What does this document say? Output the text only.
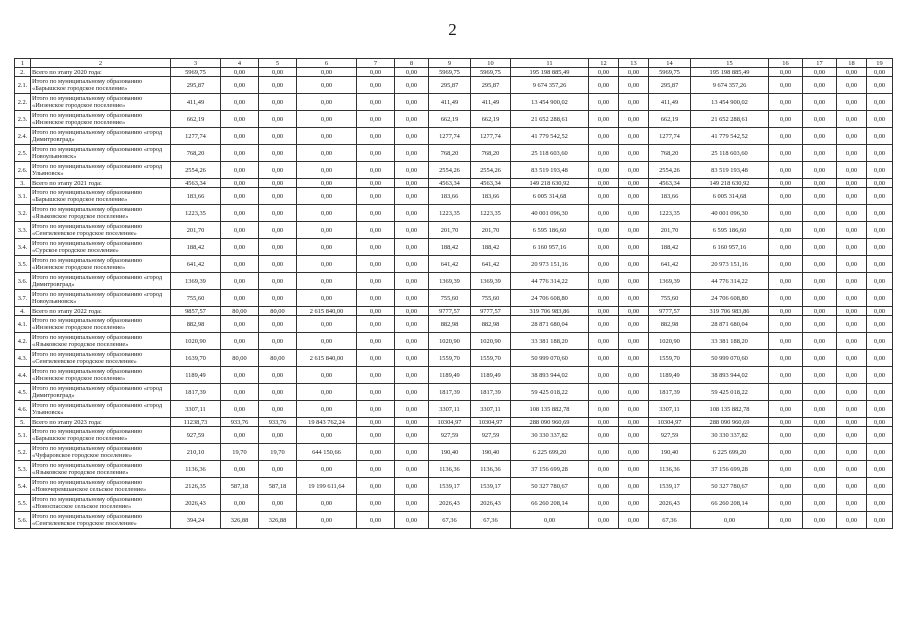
2
1	2	3	4	5	6	7	8	9	10	11	12	13	14	15	16	17	18	19
2.	Всего по этапу 2020 года:	5969,75	0,00	0,00	0,00	0,00	0,00	5969,75	5969,75	195 198 885,49	0,00	0,00	5969,75	195 198 885,49	0,00	0,00	0,00	0,00
2.1.	Итого по муниципальному образованию «Барышское городское поселение»	295,87	0,00	0,00	0,00	0,00	0,00	295,87	295,87	9 674 357,26	0,00	0,00	295,87	9 674 357,26	0,00	0,00	0,00	0,00
2.2.	Итого по муниципальному образованию «Инзенское городское поселение»	411,49	0,00	0,00	0,00	0,00	0,00	411,49	411,49	13 454 900,02	0,00	0,00	411,49	13 454 900,02	0,00	0,00	0,00	0,00
2.3.	Итого по муниципальному образованию «Инзенское городское поселение»	662,19	0,00	0,00	0,00	0,00	0,00	662,19	662,19	21 652 288,61	0,00	0,00	662,19	21 652 288,61	0,00	0,00	0,00	0,00
2.4.	Итого по муниципальному образованию «город Димитровград»	1277,74	0,00	0,00	0,00	0,00	0,00	1277,74	1277,74	41 779 542,52	0,00	0,00	1277,74	41 779 542,52	0,00	0,00	0,00	0,00
2.5.	Итого по муниципальному образованию «город Новоульяновск»	768,20	0,00	0,00	0,00	0,00	0,00	768,20	768,20	25 118 603,60	0,00	0,00	768,20	25 118 603,60	0,00	0,00	0,00	0,00
2.6.	Итого по муниципальному образованию «город Ульяновск»	2554,26	0,00	0,00	0,00	0,00	0,00	2554,26	2554,26	83 519 193,48	0,00	0,00	2554,26	83 519 193,48	0,00	0,00	0,00	0,00
3.	Всего по этапу 2021 года:	4563,34	0,00	0,00	0,00	0,00	0,00	4563,34	4563,34	149 218 630,92	0,00	0,00	4563,34	149 218 630,92	0,00	0,00	0,00	0,00
3.1.	Итого по муниципальному образованию «Барышское городское поселение»	183,66	0,00	0,00	0,00	0,00	0,00	183,66	183,66	6 005 314,68	0,00	0,00	183,66	6 005 314,68	0,00	0,00	0,00	0,00
3.2.	Итого по муниципальному образованию «Языковское городское поселение»	1223,35	0,00	0,00	0,00	0,00	0,00	1223,35	1223,35	40 001 096,30	0,00	0,00	1223,35	40 001 096,30	0,00	0,00	0,00	0,00
3.3.	Итого по муниципальному образованию «Сенгилеевское городское поселение»	201,70	0,00	0,00	0,00	0,00	0,00	201,70	201,70	6 595 186,60	0,00	0,00	201,70	6 595 186,60	0,00	0,00	0,00	0,00
3.4.	Итого по муниципальному образованию «Сурское городское поселение»	188,42	0,00	0,00	0,00	0,00	0,00	188,42	188,42	6 160 957,16	0,00	0,00	188,42	6 160 957,16	0,00	0,00	0,00	0,00
3.5.	Итого по муниципальному образованию «Инзенское городское поселение»	641,42	0,00	0,00	0,00	0,00	0,00	641,42	641,42	20 973 151,16	0,00	0,00	641,42	20 973 151,16	0,00	0,00	0,00	0,00
3.6.	Итого по муниципальному образованию «город Димитровград»	1369,39	0,00	0,00	0,00	0,00	0,00	1369,39	1369,39	44 776 314,22	0,00	0,00	1369,39	44 776 314,22	0,00	0,00	0,00	0,00
3.7.	Итого по муниципальному образованию «город Новоульяновск»	755,60	0,00	0,00	0,00	0,00	0,00	755,60	755,60	24 706 608,80	0,00	0,00	755,60	24 706 608,80	0,00	0,00	0,00	0,00
4.	Всего по этапу 2022 года:	9857,57	80,00	80,00	2 615 840,00	0,00	0,00	9777,57	9777,57	319 706 983,86	0,00	0,00	9777,57	319 706 983,86	0,00	0,00	0,00	0,00
4.1.	Итого по муниципальному образованию «Инзенское городское поселение»	882,98	0,00	0,00	0,00	0,00	0,00	882,98	882,98	28 871 680,04	0,00	0,00	882,98	28 871 680,04	0,00	0,00	0,00	0,00
4.2.	Итого по муниципальному образованию «Языковское городское поселение»	1020,90	0,00	0,00	0,00	0,00	0,00	1020,90	1020,90	33 381 188,20	0,00	0,00	1020,90	33 381 188,20	0,00	0,00	0,00	0,00
4.3.	Итого по муниципальному образованию «Сенгилеевское городское поселение»	1639,70	80,00	80,00	2 615 840,00	0,00	0,00	1559,70	1559,70	50 999 070,60	0,00	0,00	1559,70	50 999 070,60	0,00	0,00	0,00	0,00
4.4.	Итого по муниципальному образованию «Инзенское городское поселение»	1189,49	0,00	0,00	0,00	0,00	0,00	1189,49	1189,49	38 893 944,02	0,00	0,00	1189,49	38 893 944,02	0,00	0,00	0,00	0,00
4.5.	Итого по муниципальному образованию «город Димитровград»	1817,39	0,00	0,00	0,00	0,00	0,00	1817,39	1817,39	59 425 018,22	0,00	0,00	1817,39	59 425 018,22	0,00	0,00	0,00	0,00
4.6.	Итого по муниципальному образованию «город Ульяновск»	3307,11	0,00	0,00	0,00	0,00	0,00	3307,11	3307,11	108 135 882,78	0,00	0,00	3307,11	108 135 882,78	0,00	0,00	0,00	0,00
5.	Всего по этапу 2023 года:	11238,73	933,76	933,76	19 843 762,24	0,00	0,00	10304,97	10304,97	288 090 960,69	0,00	0,00	10304,97	288 090 960,69	0,00	0,00	0,00	0,00
5.1.	Итого по муниципальному образованию «Барышское городское поселение»	927,59	0,00	0,00	0,00	0,00	0,00	927,59	927,59	30 330 337,82	0,00	0,00	927,59	30 330 337,82	0,00	0,00	0,00	0,00
5.2.	Итого по муниципальному образованию «Чуфаровское городское поселение»	210,10	19,70	19,70	644 150,66	0,00	0,00	190,40	190,40	6 225 699,20	0,00	0,00	190,40	6 225 699,20	0,00	0,00	0,00	0,00
5.3.	Итого по муниципальному образованию «Языковское городское поселение»	1136,36	0,00	0,00	0,00	0,00	0,00	1136,36	1136,36	37 156 699,28	0,00	0,00	1136,36	37 156 699,28	0,00	0,00	0,00	0,00
5.4.	Итого по муниципальному образованию «Новочеремшанское сельское поселение»	2126,35	587,18	587,18	19 199 611,64	0,00	0,00	1539,17	1539,17	50 327 780,67	0,00	0,00	1539,17	50 327 780,67	0,00	0,00	0,00	0,00
5.5.	Итого по муниципальному образованию «Новоспасское сельское поселение»	2026,43	0,00	0,00	0,00	0,00	0,00	2026,43	2026,43	66 260 208,14	0,00	0,00	2026,43	66 260 208,14	0,00	0,00	0,00	0,00
5.6.	Итого по муниципальному образованию «Сенгилеевское городское поселение»	394,24	326,88	326,88	0,00	0,00	0,00	67,36	67,36	0,00	0,00	0,00	67,36	0,00	0,00	0,00	0,00	0,00
